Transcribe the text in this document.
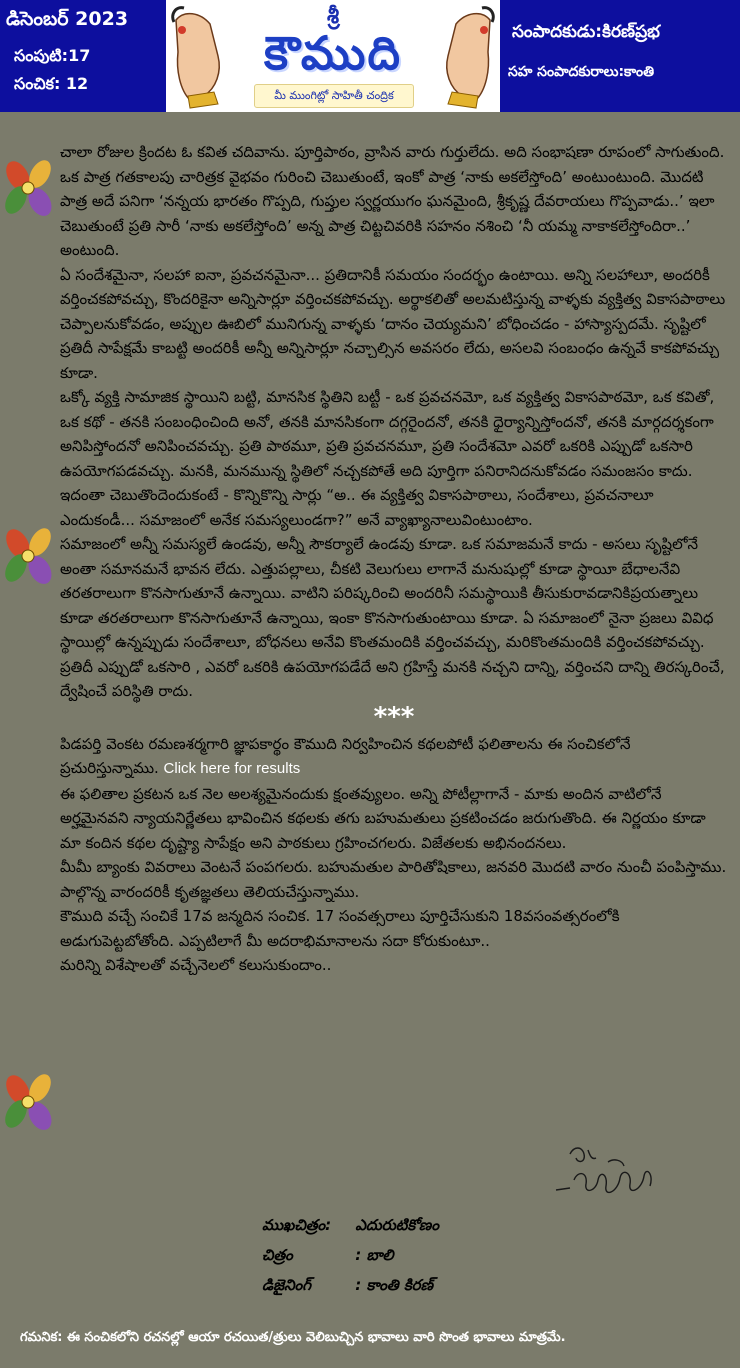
డిసెంబర్ 2023
సంపుటి:17
సంచిక: 12
శ్రీ
కౌముది
మీ ముంగిట్లో సాహితీ చంద్రిక
సంపాదకుడు:కిరణ్‌ప్రభ
సహ సంపాదకురాలు:కాంతి

చాలా రోజుల క్రిందట ఓ కవిత చదివాను. పూర్తిపాఠం, వ్రాసిన వారు గుర్తులేదు. అది సంభాషణా రూపంలో సాగుతుంది. ఒక పాత్ర గతకాలపు చారిత్రక వైభవం గురించి చెబుతుంటే, ఇంకో పాత్ర ‘నాకు అకలేస్తోంది’ అంటుంటుంది. మొదటి పాత్ర అదే పనిగా ‘నన్నయ భారతం గొప్పది, గుప్తుల స్వర్ణయుగం ఘనమైంది, శ్రీకృష్ణ దేవరాయలు గొప్పవాడు..’ ఇలా చెబుతుంటే ప్రతి సారీ ‘నాకు అకలేస్తోంది’ అన్న పాత్ర చిట్టచివరికి సహనం నశించి ‘నీ యమ్మ నాకాకలేస్తోందిరా..’ అంటుంది.

ఏ సందేశమైనా, సలహా ఐనా, ప్రవచనమైనా... ప్రతిదానికీ సమయం సందర్భం ఉంటాయి. అన్ని సలహాలూ, అందరికీ వర్తించకపోవచ్చు, కొందరికైనా అన్నిసార్లూ వర్తించకపోవచ్చు. అర్థాకలితో అలమటిస్తున్న వాళ్ళకు వ్యక్తిత్వ వికాసపాఠాలు చెప్పాలనుకోవడం, అప్పుల ఊబిలో మునిగున్న వాళ్ళకు ‘దానం చెయ్యమని’ బోధించడం - హాస్యాస్పదమే. సృష్టిలో ప్రతిదీ సాపేక్షమే కాబట్టి అందరికీ అన్నీ అన్నిసార్లూ నచ్చాల్సిన అవసరం లేదు, అసలవి సంబంధం ఉన్నవే కాకపోవచ్చు కూడా.

ఒక్కో వ్యక్తి సామాజిక స్థాయిని బట్టి, మానసిక స్థితిని బట్టీ - ఒక ప్రవచనమో, ఒక వ్యక్తిత్వ వికాసపాఠమో, ఒక కవితో, ఒక కథో - తనకి సంబంధించింది అనో, తనకి మానసికంగా దగ్గరైందనో, తనకి ధైర్యాన్నిస్తోందనో, తనకి మార్గదర్శకంగా అనిపిస్తోందనో అనిపించవచ్చు. ప్రతి పాఠమూ, ప్రతి ప్రవచనమూ, ప్రతి సందేశమో ఎవరో ఒకరికి ఎప్పుడో ఒకసారి ఉపయోగపడవచ్చు. మనకి, మనమున్న స్థితిలో నచ్చకపోతే అది పూర్తిగా పనిరానిదనుకోవడం సమంజసం కాదు. ఇదంతా చెబుతొందెందుకంటే - కొన్నికొన్ని సార్లు “అ.. ఈ వ్యక్తిత్వ వికాసపాఠాలు, సందేశాలు, ప్రవచనాలూ ఎందుకండీ... సమాజంలో అనేక సమస్యలుండగా?” అనే వ్యాఖ్యానాలువింటుంటాం.

సమాజంలో అన్నీ సమస్యలే ఉండవు, అన్నీ సౌకర్యాలే ఉండవు కూడా. ఒక సమాజమనే కాదు - అసలు సృష్టిలోనే అంతా సమానమనే భావన లేదు. ఎత్తుపల్లాలు, చీకటి వెలుగులు లాగానే మనుషుల్లో కూడా స్థాయీ బేధాలనేవి తరతరాలుగా కొనసాగుతూనే ఉన్నాయి. వాటిని పరిష్కరించి అందరినీ సమస్థాయికి తీసుకురావడానికిప్రయత్నాలు కూడా తరతరాలుగా కొనసాగుతూనే ఉన్నాయి, ఇంకా కొనసాగుతుంటాయి కూడా. ఏ సమాజంలో నైనా ప్రజలు వివిధ స్థాయిల్లో ఉన్నప్పుడు సందేశాలూ, బోధనలు అనేవి కొంతమందికి వర్తించవచ్చు, మరికొంతమందికి వర్తించకపోవచ్చు. ప్రతిదీ ఎప్పుడో ఒకసారి , ఎవరో ఒకరికి ఉపయోగపడేదే అని గ్రహిస్తే మనకి నచ్చని దాన్ని, వర్తించని దాన్ని తిరస్కరించే, ద్వేషించే పరిస్థితి రాదు.

***

పిడపర్తి వెంకట రమణశర్మగారి జ్ఞాపకార్థం కౌముది నిర్వహించిన కథలపోటీ ఫలితాలను ఈ సంచికలోనే ప్రచురిస్తున్నాము. Click here for results

ఈ ఫలితాల ప్రకటన ఒక నెల అలశ్యమైనందుకు క్షంతవ్యులం. అన్ని పోటీల్లాగానే - మాకు అందిన వాటిలోనే అర్హమైనవని న్యాయనిర్ణేతలు భావించిన కథలకు తగు బహుమతులు ప్రకటించడం జరుగుతొంది. ఈ నిర్ణయం కూడా మా కందిన కథల దృష్ట్యా సాపేక్షం అని పాఠకులు గ్రహించగలరు. విజేతలకు అభినందనలు.

మీమీ బ్యాంకు వివరాలు వెంటనే పంపగలరు. బహుమతుల పారితోషికాలు, జనవరి మొదటి వారం నుంచీ పంపిస్తాము. పాల్గొన్న వారందరికీ కృతజ్ఞతలు తెలియచేస్తున్నాము.

కౌముది వచ్చే సంచికే 17వ జన్మదిన సంచిక. 17 సంవత్సరాలు పూర్తిచేసుకుని 18వసంవత్సరంలోకి అడుగుపెట్టబోతోంది. ఎప్పటిలాగే మీ అదరాభిమానాలను సదా కోరుకుంటూ..

మరిన్ని విశేషాలతో వచ్చేనెలలో కలుసుకుందాం..

ముఖచిత్రం: ఎదురుటికోణం
చిత్రం	: బాలి
డిజైనింగ్	: కాంతి కిరణ్
గమనిక: ఈ సంచికలోని రచనల్లో ఆయా రచయిత/త్రులు వెలిబుచ్చిన భావాలు వారి సొంత భావాలు మాత్రమే.
